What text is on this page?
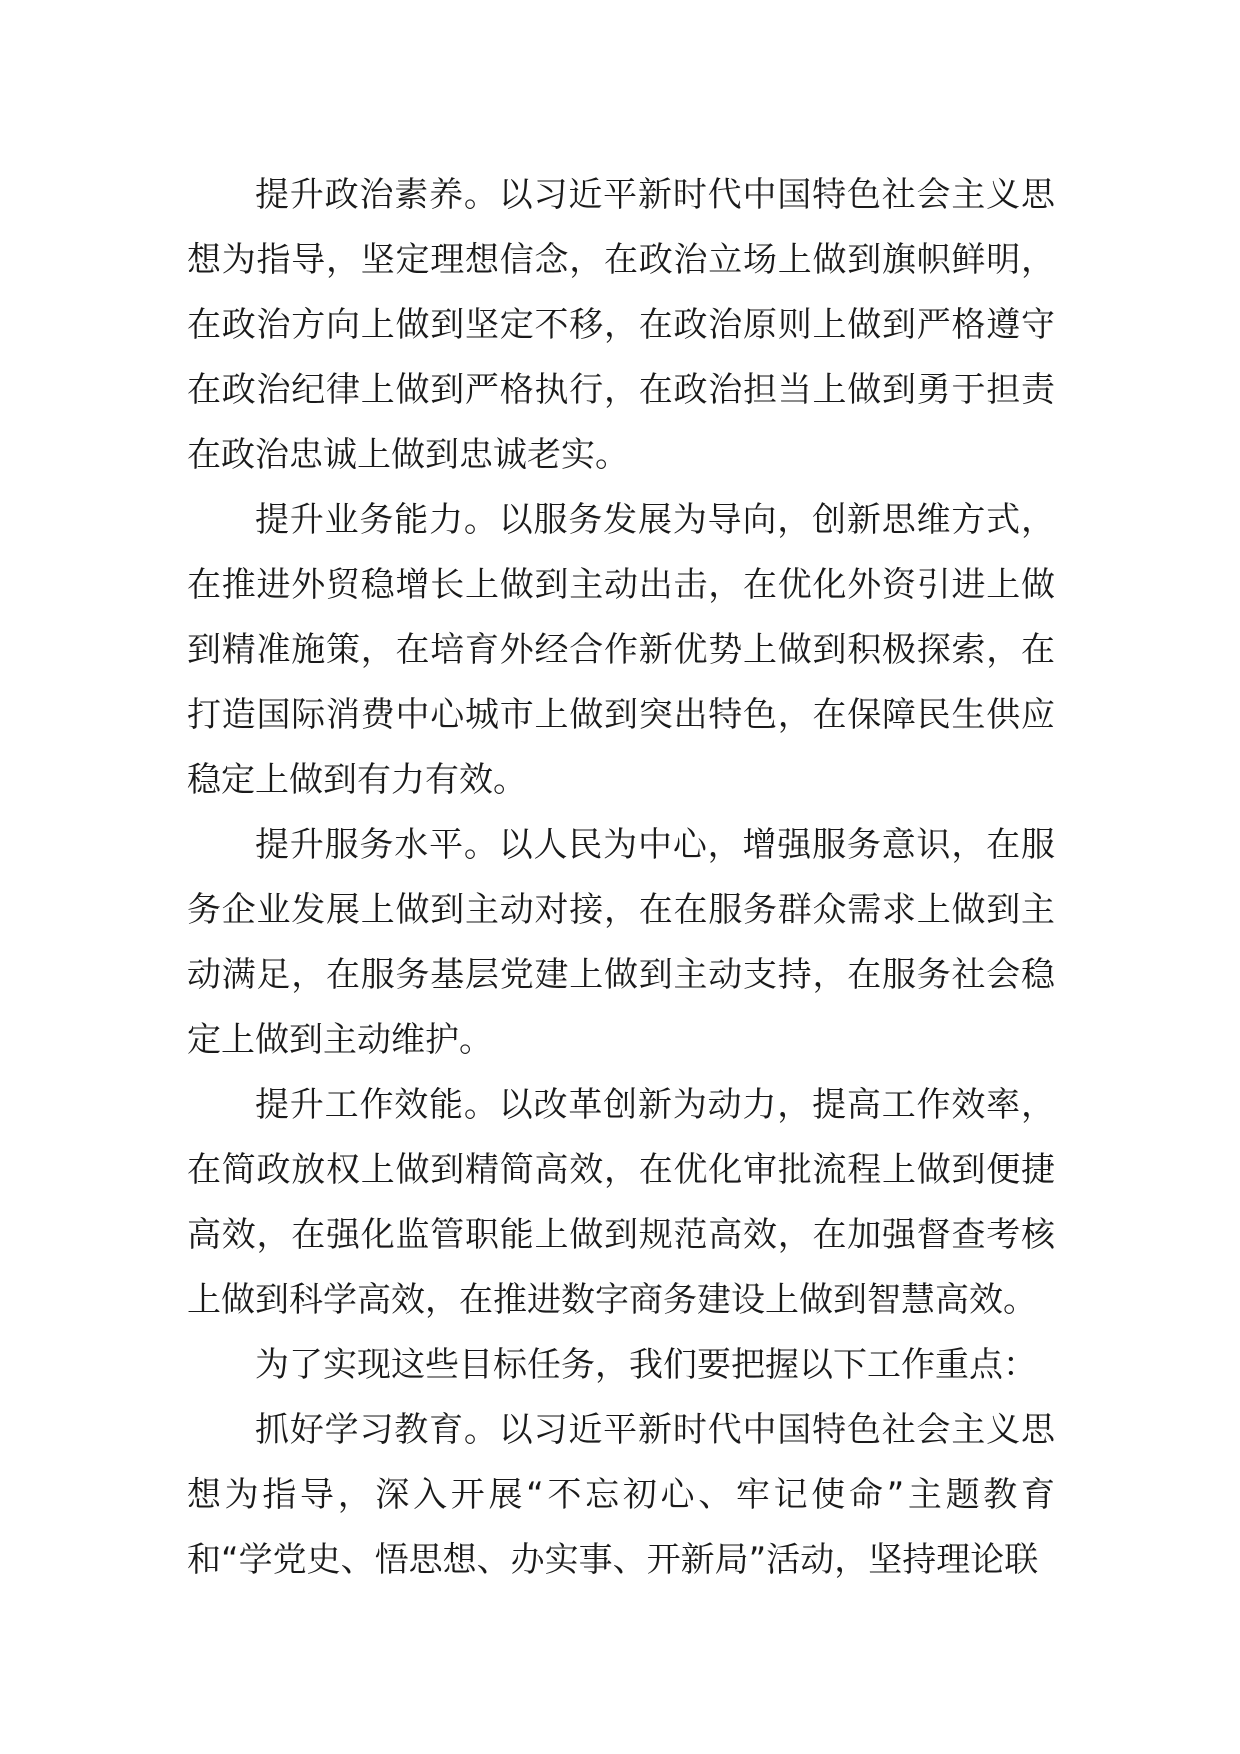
提升政治素养。以习近平新时代中国特色社会主义思想为指导，坚定理想信念，在政治立场上做到旗帜鲜明，在政治方向上做到坚定不移，在政治原则上做到严格遵守在政治纪律上做到严格执行，在政治担当上做到勇于担责在政治忠诚上做到忠诚老实。

提升业务能力。以服务发展为导向，创新思维方式，在推进外贸稳增长上做到主动出击，在优化外资引进上做到精准施策，在培育外经合作新优势上做到积极探索，在打造国际消费中心城市上做到突出特色，在保障民生供应稳定上做到有力有效。

提升服务水平。以人民为中心，增强服务意识，在服务企业发展上做到主动对接，在在服务群众需求上做到主动满足，在服务基层党建上做到主动支持，在服务社会稳定上做到主动维护。

提升工作效能。以改革创新为动力，提高工作效率，在简政放权上做到精简高效，在优化审批流程上做到便捷高效，在强化监管职能上做到规范高效，在加强督查考核上做到科学高效，在推进数字商务建设上做到智慧高效。

为了实现这些目标任务，我们要把握以下工作重点：

抓好学习教育。以习近平新时代中国特色社会主义思想为指导，深入开展“不忘初心、牢记使命”主题教育和“学党史、悟思想、办实事、开新局”活动，坚持理论联
